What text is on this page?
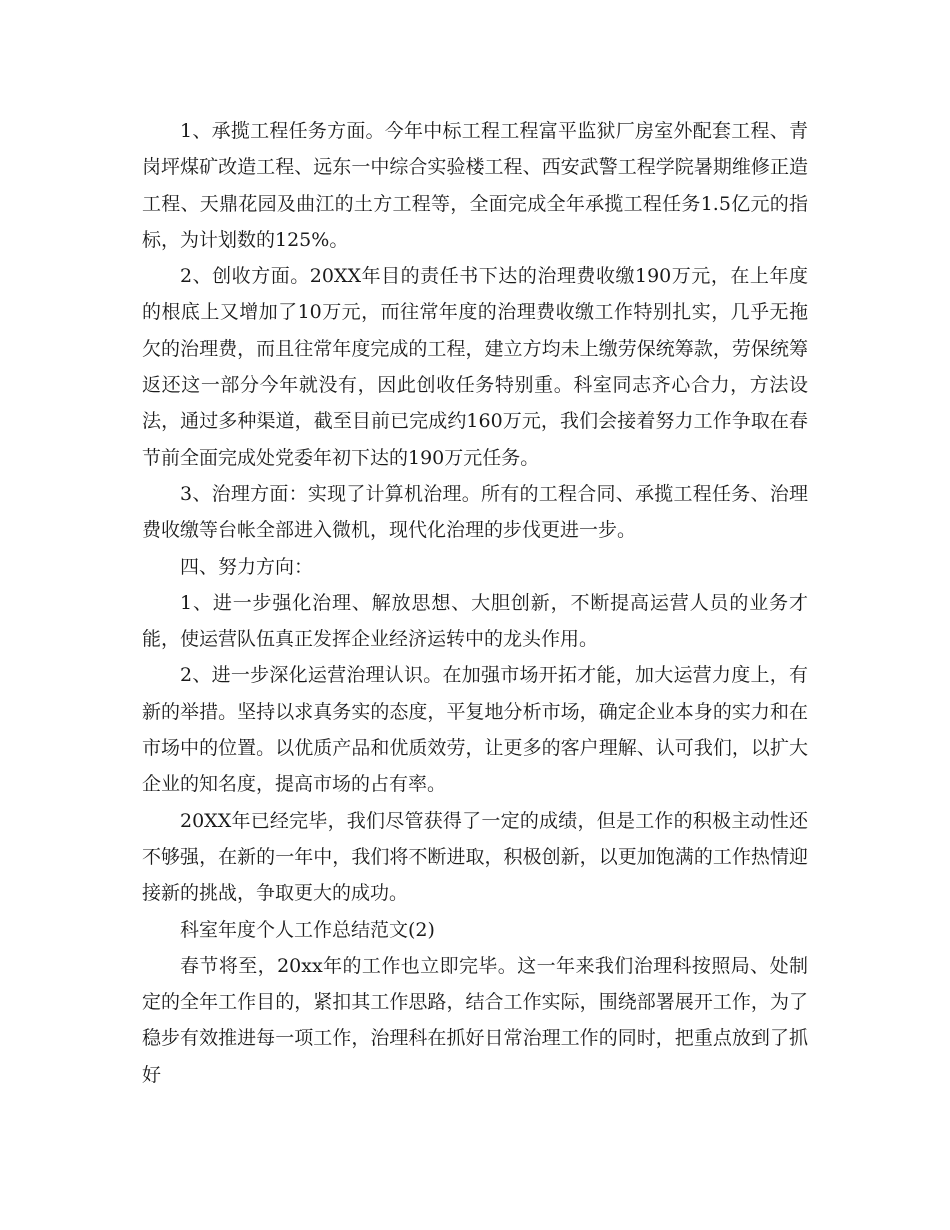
1、承揽工程任务方面。今年中标工程工程富平监狱厂房室外配套工程、青岗坪煤矿改造工程、远东一中综合实验楼工程、西安武警工程学院暑期维修正造工程、天鼎花园及曲江的土方工程等，全面完成全年承揽工程任务1.5亿元的指标，为计划数的125%。

2、创收方面。20XX年目的责任书下达的治理费收缴190万元，在上年度的根底上又增加了10万元，而往常年度的治理费收缴工作特别扎实，几乎无拖欠的治理费，而且往常年度完成的工程，建立方均未上缴劳保统筹款，劳保统筹返还这一部分今年就没有，因此创收任务特别重。科室同志齐心合力，方法设法，通过多种渠道，截至目前已完成约160万元，我们会接着努力工作争取在春节前全面完成处党委年初下达的190万元任务。

3、治理方面：实现了计算机治理。所有的工程合同、承揽工程任务、治理费收缴等台帐全部进入微机，现代化治理的步伐更进一步。

四、努力方向：

1、进一步强化治理、解放思想、大胆创新，不断提高运营人员的业务才能，使运营队伍真正发挥企业经济运转中的龙头作用。

2、进一步深化运营治理认识。在加强市场开拓才能，加大运营力度上，有新的举措。坚持以求真务实的态度，平复地分析市场，确定企业本身的实力和在市场中的位置。以优质产品和优质效劳，让更多的客户理解、认可我们，以扩大企业的知名度，提高市场的占有率。

20XX年已经完毕，我们尽管获得了一定的成绩，但是工作的积极主动性还不够强，在新的一年中，我们将不断进取，积极创新，以更加饱满的工作热情迎接新的挑战，争取更大的成功。

科室年度个人工作总结范文(2)

春节将至，20xx年的工作也立即完毕。这一年来我们治理科按照局、处制定的全年工作目的，紧扣其工作思路，结合工作实际，围绕部署展开工作，为了稳步有效推进每一项工作，治理科在抓好日常治理工作的同时，把重点放到了抓好
